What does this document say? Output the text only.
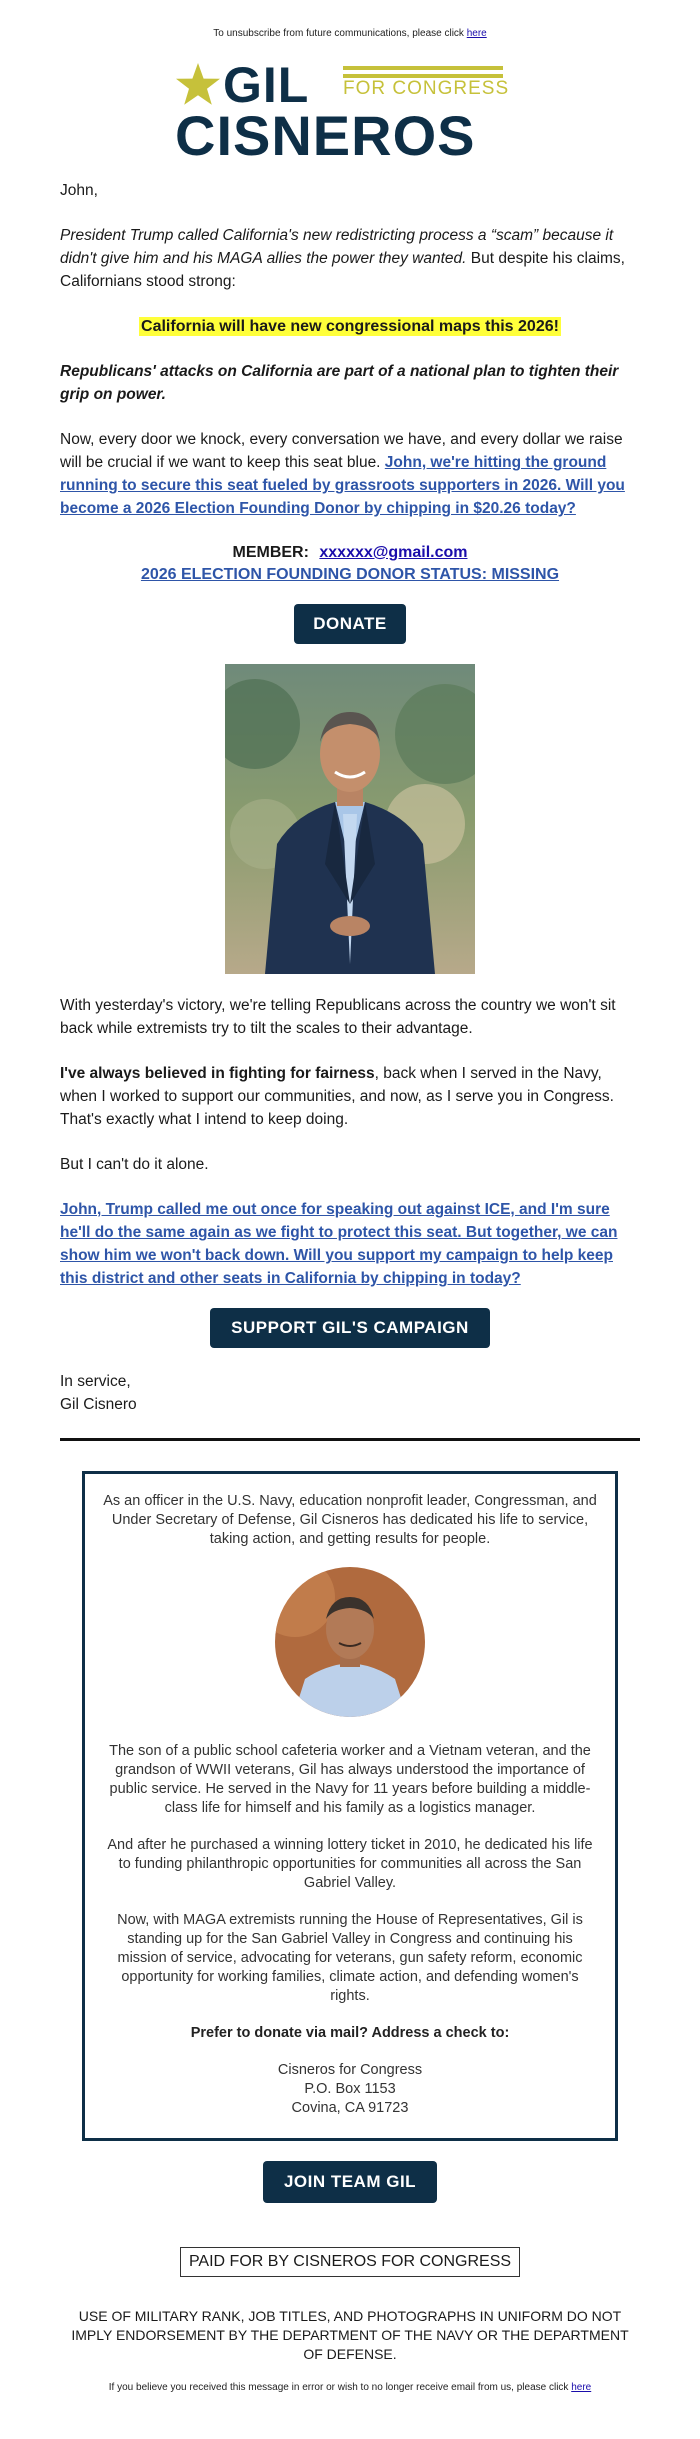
To unsubscribe from future communications, please click here
GIL
CISNEROS
FOR CONGRESS

John,

President Trump called California's new redistricting process a “scam” because it didn't give him and his MAGA allies the power they wanted. But despite his claims, Californians stood strong:

California will have new congressional maps this 2026!

Republicans' attacks on California are part of a national plan to tighten their grip on power.

Now, every door we knock, every conversation we have, and every dollar we raise will be crucial if we want to keep this seat blue. John, we're hitting the ground running to secure this seat fueled by grassroots supporters in 2026. Will you become a 2026 Election Founding Donor by chipping in $20.26 today?

MEMBER: xxxxxx@gmail.com
2026 ELECTION FOUNDING DONOR STATUS: MISSING
DONATE

With yesterday's victory, we're telling Republicans across the country we won't sit back while extremists try to tilt the scales to their advantage.

I've always believed in fighting for fairness, back when I served in the Navy, when I worked to support our communities, and now, as I serve you in Congress. That's exactly what I intend to keep doing.

But I can't do it alone.

John, Trump called me out once for speaking out against ICE, and I'm sure he'll do the same again as we fight to protect this seat. But together, we can show him we won't back down. Will you support my campaign to help keep this district and other seats in California by chipping in today?

SUPPORT GIL'S CAMPAIGN

In service,
Gil Cisnero

As an officer in the U.S. Navy, education nonprofit leader, Congressman, and Under Secretary of Defense, Gil Cisneros has dedicated his life to service, taking action, and getting results for people.

The son of a public school cafeteria worker and a Vietnam veteran, and the grandson of WWII veterans, Gil has always understood the importance of public service. He served in the Navy for 11 years before building a middle-class life for himself and his family as a logistics manager.

And after he purchased a winning lottery ticket in 2010, he dedicated his life to funding philanthropic opportunities for communities all across the San Gabriel Valley.

Now, with MAGA extremists running the House of Representatives, Gil is standing up for the San Gabriel Valley in Congress and continuing his mission of service, advocating for veterans, gun safety reform, economic opportunity for working families, climate action, and defending women's rights.

Prefer to donate via mail? Address a check to:

Cisneros for Congress
P.O. Box 1153
Covina, CA 91723

JOIN TEAM GIL
PAID FOR BY CISNEROS FOR CONGRESS

USE OF MILITARY RANK, JOB TITLES, AND PHOTOGRAPHS IN UNIFORM DO NOT IMPLY ENDORSEMENT BY THE DEPARTMENT OF THE NAVY OR THE DEPARTMENT OF DEFENSE.

If you believe you received this message in error or wish to no longer receive email from us, please click here
